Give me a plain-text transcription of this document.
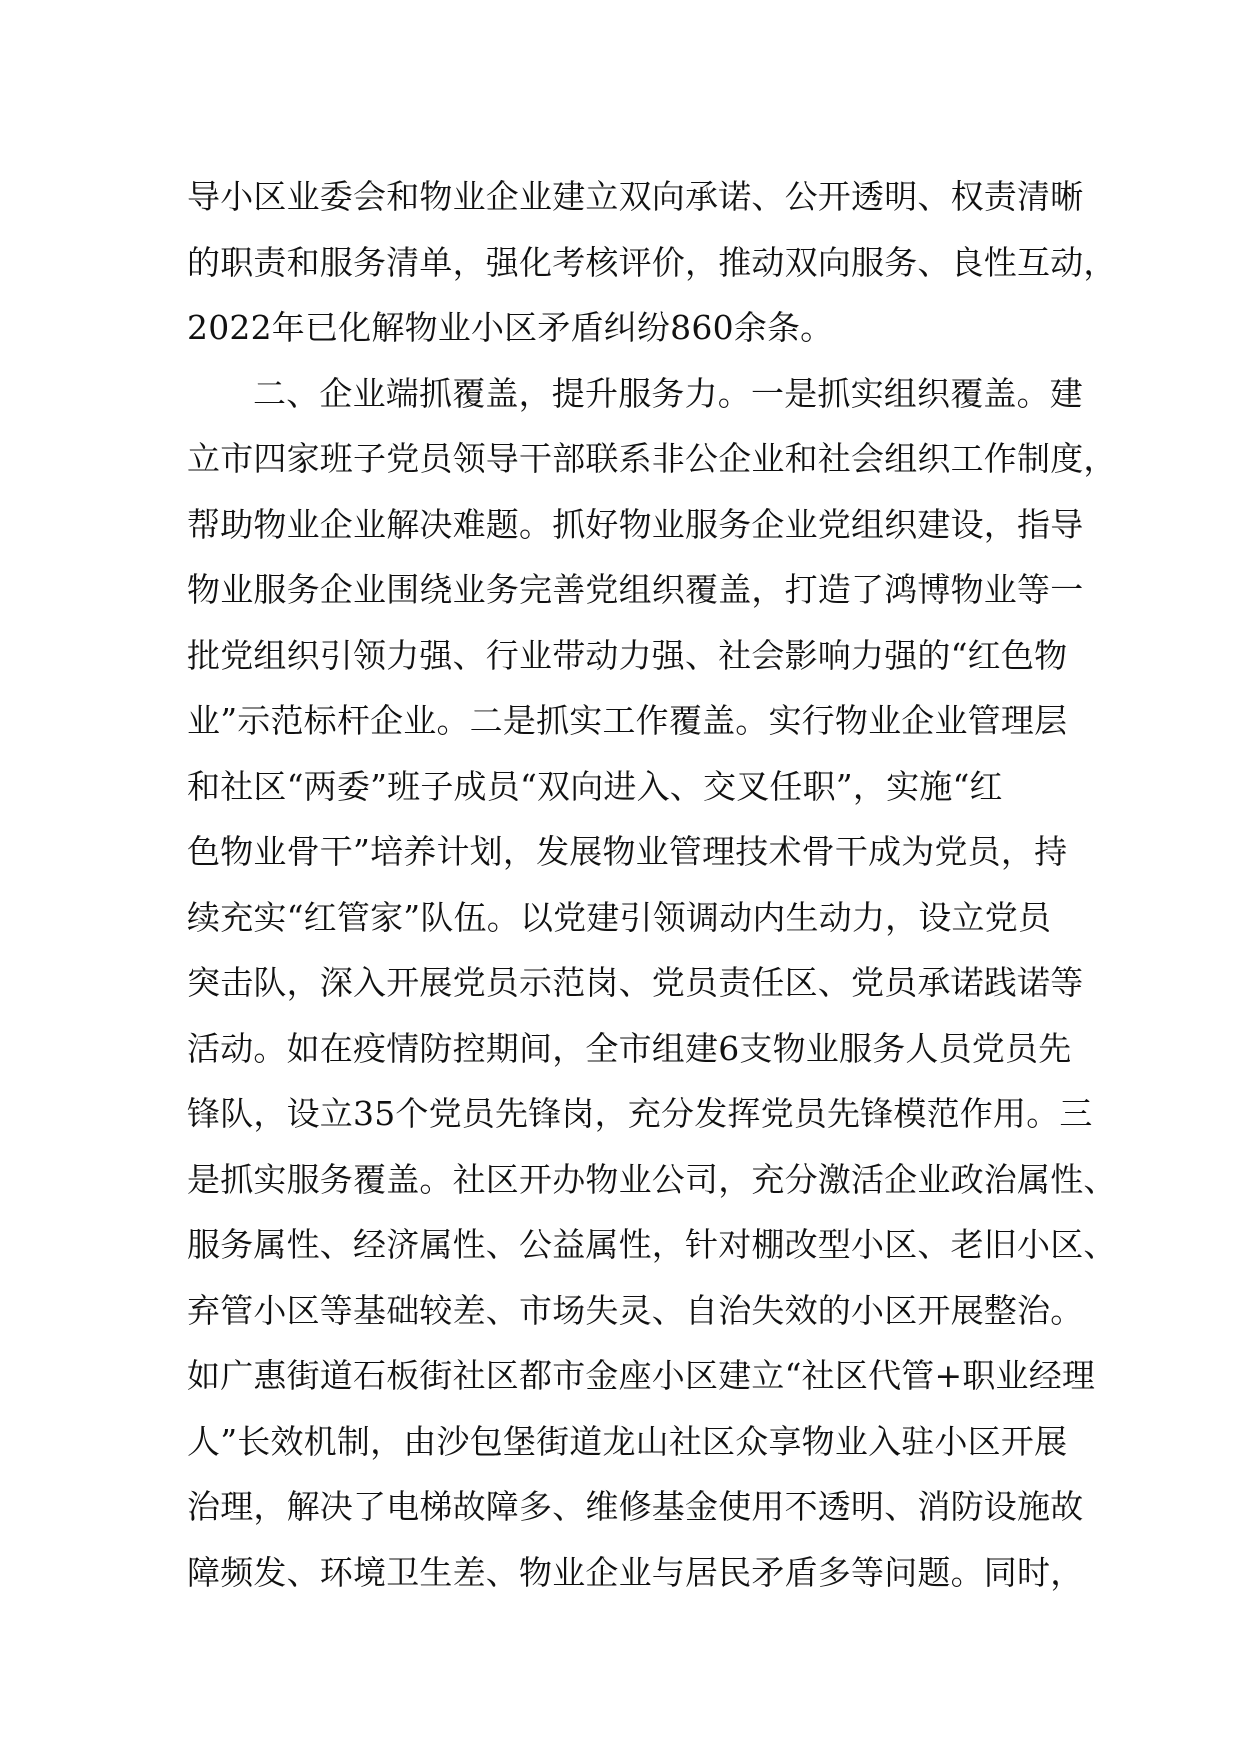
导小区业委会和物业企业建立双向承诺、公开透明、权责清晰
的职责和服务清单，强化考核评价，推动双向服务、良性互动，
2022年已化解物业小区矛盾纠纷860余条。
二、企业端抓覆盖，提升服务力。一是抓实组织覆盖。建
立市四家班子党员领导干部联系非公企业和社会组织工作制度，
帮助物业企业解决难题。抓好物业服务企业党组织建设，指导
物业服务企业围绕业务完善党组织覆盖，打造了鸿博物业等一
批党组织引领力强、行业带动力强、社会影响力强的“红色物
业”示范标杆企业。二是抓实工作覆盖。实行物业企业管理层
和社区“两委”班子成员“双向进入、交叉任职”，实施“红
色物业骨干”培养计划，发展物业管理技术骨干成为党员，持
续充实“红管家”队伍。以党建引领调动内生动力，设立党员
突击队，深入开展党员示范岗、党员责任区、党员承诺践诺等
活动。如在疫情防控期间，全市组建6支物业服务人员党员先
锋队，设立35个党员先锋岗，充分发挥党员先锋模范作用。三
是抓实服务覆盖。社区开办物业公司，充分激活企业政治属性、
服务属性、经济属性、公益属性，针对棚改型小区、老旧小区、
弃管小区等基础较差、市场失灵、自治失效的小区开展整治。
如广惠街道石板街社区都市金座小区建立“社区代管+职业经理
人”长效机制，由沙包堡街道龙山社区众享物业入驻小区开展
治理，解决了电梯故障多、维修基金使用不透明、消防设施故
障频发、环境卫生差、物业企业与居民矛盾多等问题。同时，
